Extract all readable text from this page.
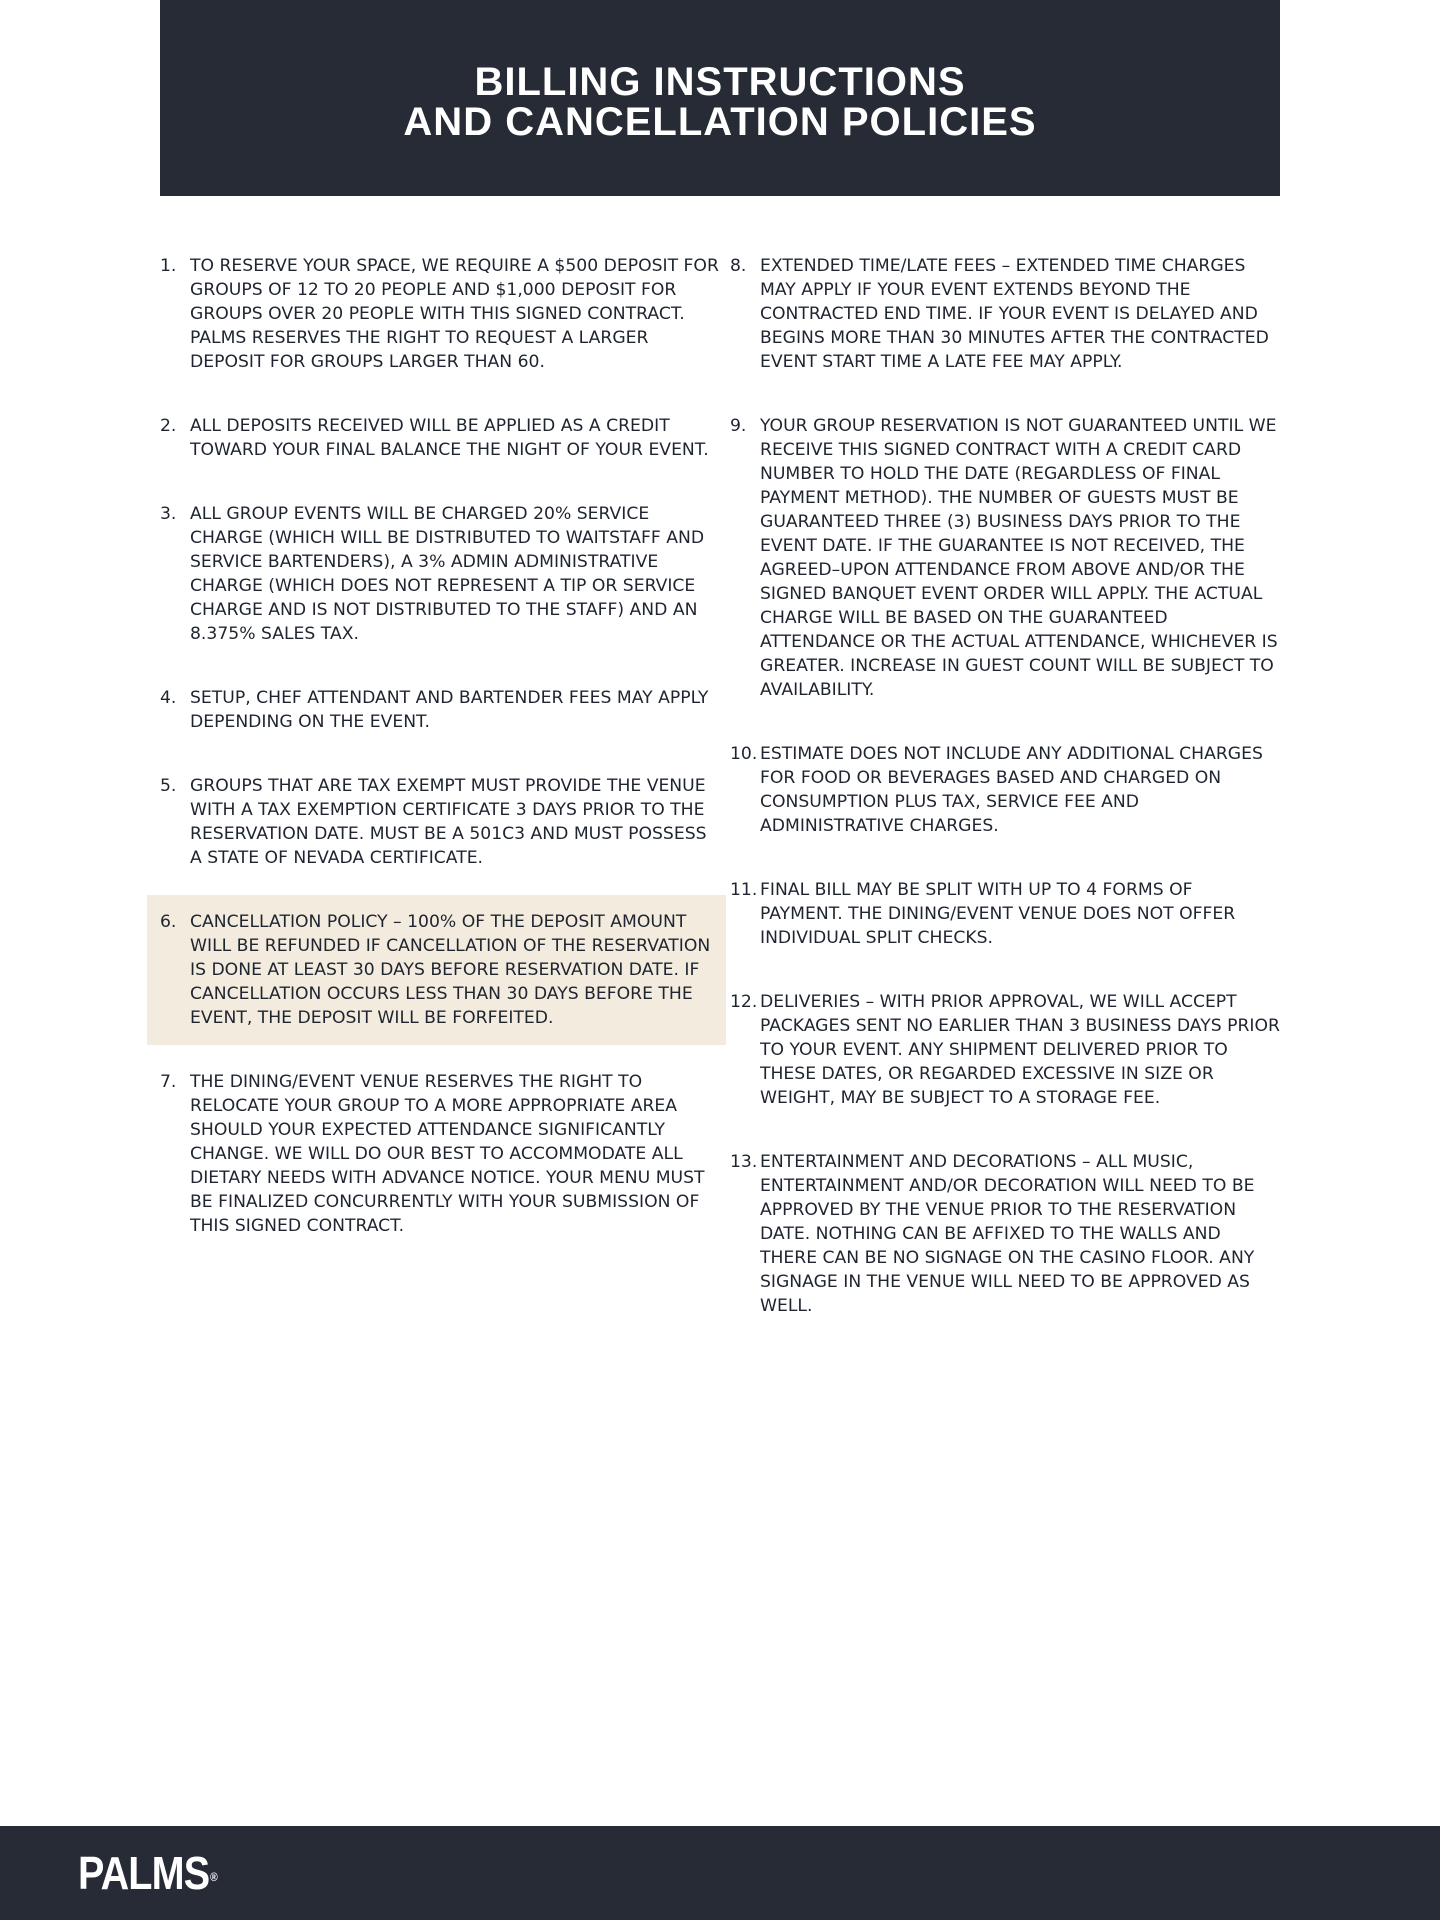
BILLING INSTRUCTIONS
AND CANCELLATION POLICIES
1. TO RESERVE YOUR SPACE, WE REQUIRE A $500 DEPOSIT FOR GROUPS OF 12 TO 20 PEOPLE AND $1,000 DEPOSIT FOR GROUPS OVER 20 PEOPLE WITH THIS SIGNED CONTRACT. PALMS RESERVES THE RIGHT TO REQUEST A LARGER DEPOSIT FOR GROUPS LARGER THAN 60.
2. ALL DEPOSITS RECEIVED WILL BE APPLIED AS A CREDIT TOWARD YOUR FINAL BALANCE THE NIGHT OF YOUR EVENT.
3. ALL GROUP EVENTS WILL BE CHARGED 20% SERVICE CHARGE (WHICH WILL BE DISTRIBUTED TO WAITSTAFF AND SERVICE BARTENDERS), A 3% ADMIN ADMINISTRATIVE CHARGE (WHICH DOES NOT REPRESENT A TIP OR SERVICE CHARGE AND IS NOT DISTRIBUTED TO THE STAFF) AND AN 8.375% SALES TAX.
4. SETUP, CHEF ATTENDANT AND BARTENDER FEES MAY APPLY DEPENDING ON THE EVENT.
5. GROUPS THAT ARE TAX EXEMPT MUST PROVIDE THE VENUE WITH A TAX EXEMPTION CERTIFICATE 3 DAYS PRIOR TO THE RESERVATION DATE. MUST BE A 501C3 AND MUST POSSESS A STATE OF NEVADA CERTIFICATE.
6. CANCELLATION POLICY – 100% OF THE DEPOSIT AMOUNT WILL BE REFUNDED IF CANCELLATION OF THE RESERVATION IS DONE AT LEAST 30 DAYS BEFORE RESERVATION DATE. IF CANCELLATION OCCURS LESS THAN 30 DAYS BEFORE THE EVENT, THE DEPOSIT WILL BE FORFEITED.
7. THE DINING/EVENT VENUE RESERVES THE RIGHT TO RELOCATE YOUR GROUP TO A MORE APPROPRIATE AREA SHOULD YOUR EXPECTED ATTENDANCE SIGNIFICANTLY CHANGE. WE WILL DO OUR BEST TO ACCOMMODATE ALL DIETARY NEEDS WITH ADVANCE NOTICE. YOUR MENU MUST BE FINALIZED CONCURRENTLY WITH YOUR SUBMISSION OF THIS SIGNED CONTRACT.
8. EXTENDED TIME/LATE FEES – EXTENDED TIME CHARGES MAY APPLY IF YOUR EVENT EXTENDS BEYOND THE CONTRACTED END TIME. IF YOUR EVENT IS DELAYED AND BEGINS MORE THAN 30 MINUTES AFTER THE CONTRACTED EVENT START TIME A LATE FEE MAY APPLY.
9. YOUR GROUP RESERVATION IS NOT GUARANTEED UNTIL WE RECEIVE THIS SIGNED CONTRACT WITH A CREDIT CARD NUMBER TO HOLD THE DATE (REGARDLESS OF FINAL PAYMENT METHOD). THE NUMBER OF GUESTS MUST BE GUARANTEED THREE (3) BUSINESS DAYS PRIOR TO THE EVENT DATE. IF THE GUARANTEE IS NOT RECEIVED, THE AGREED–UPON ATTENDANCE FROM ABOVE AND/OR THE SIGNED BANQUET EVENT ORDER WILL APPLY. THE ACTUAL CHARGE WILL BE BASED ON THE GUARANTEED ATTENDANCE OR THE ACTUAL ATTENDANCE, WHICHEVER IS GREATER. INCREASE IN GUEST COUNT WILL BE SUBJECT TO AVAILABILITY.
10. ESTIMATE DOES NOT INCLUDE ANY ADDITIONAL CHARGES FOR FOOD OR BEVERAGES BASED AND CHARGED ON CONSUMPTION PLUS TAX, SERVICE FEE AND ADMINISTRATIVE CHARGES.
11. FINAL BILL MAY BE SPLIT WITH UP TO 4 FORMS OF PAYMENT. THE DINING/EVENT VENUE DOES NOT OFFER INDIVIDUAL SPLIT CHECKS.
12. DELIVERIES – WITH PRIOR APPROVAL, WE WILL ACCEPT PACKAGES SENT NO EARLIER THAN 3 BUSINESS DAYS PRIOR TO YOUR EVENT. ANY SHIPMENT DELIVERED PRIOR TO THESE DATES, OR REGARDED EXCESSIVE IN SIZE OR WEIGHT, MAY BE SUBJECT TO A STORAGE FEE.
13. ENTERTAINMENT AND DECORATIONS – ALL MUSIC, ENTERTAINMENT AND/OR DECORATION WILL NEED TO BE APPROVED BY THE VENUE PRIOR TO THE RESERVATION DATE. NOTHING CAN BE AFFIXED TO THE WALLS AND THERE CAN BE NO SIGNAGE ON THE CASINO FLOOR. ANY SIGNAGE IN THE VENUE WILL NEED TO BE APPROVED AS WELL.
PALMS®
